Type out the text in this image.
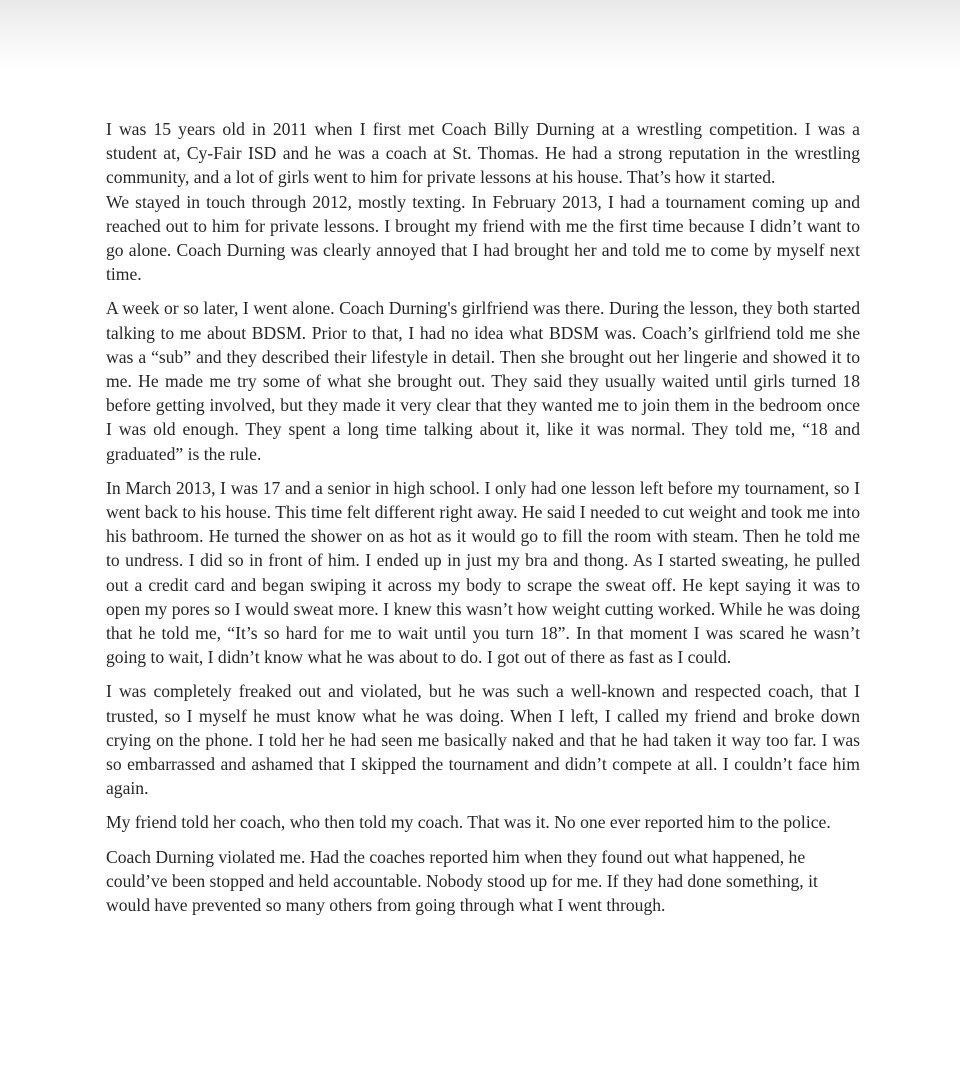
I was 15 years old in 2011 when I first met Coach Billy Durning at a wrestling competition. I was a student at, Cy-Fair ISD and he was a coach at St. Thomas. He had a strong reputation in the wrestling community, and a lot of girls went to him for private lessons at his house. That’s how it started.

We stayed in touch through 2012, mostly texting. In February 2013, I had a tournament coming up and reached out to him for private lessons. I brought my friend with me the first time because I didn’t want to go alone. Coach Durning was clearly annoyed that I had brought her and told me to come by myself next time.

A week or so later, I went alone. Coach Durning's girlfriend was there. During the lesson, they both started talking to me about BDSM. Prior to that, I had no idea what BDSM was. Coach’s girlfriend told me she was a “sub” and they described their lifestyle in detail. Then she brought out her lingerie and showed it to me. He made me try some of what she brought out. They said they usually waited until girls turned 18 before getting involved, but they made it very clear that they wanted me to join them in the bedroom once I was old enough. They spent a long time talking about it, like it was normal. They told me, “18 and graduated” is the rule.

In March 2013, I was 17 and a senior in high school. I only had one lesson left before my tournament, so I went back to his house. This time felt different right away. He said I needed to cut weight and took me into his bathroom. He turned the shower on as hot as it would go to fill the room with steam. Then he told me to undress. I did so in front of him. I ended up in just my bra and thong. As I started sweating, he pulled out a credit card and began swiping it across my body to scrape the sweat off. He kept saying it was to open my pores so I would sweat more. I knew this wasn’t how weight cutting worked. While he was doing that he told me, “It’s so hard for me to wait until you turn 18”. In that moment I was scared he wasn’t going to wait, I didn’t know what he was about to do. I got out of there as fast as I could.

I was completely freaked out and violated, but he was such a well-known and respected coach, that I trusted, so I myself he must know what he was doing. When I left, I called my friend and broke down crying on the phone. I told her he had seen me basically naked and that he had taken it way too far. I was so embarrassed and ashamed that I skipped the tournament and didn’t compete at all. I couldn’t face him again.

My friend told her coach, who then told my coach. That was it. No one ever reported him to the police.

Coach Durning violated me. Had the coaches reported him when they found out what happened, he could’ve been stopped and held accountable. Nobody stood up for me. If they had done something, it would have prevented so many others from going through what I went through.
